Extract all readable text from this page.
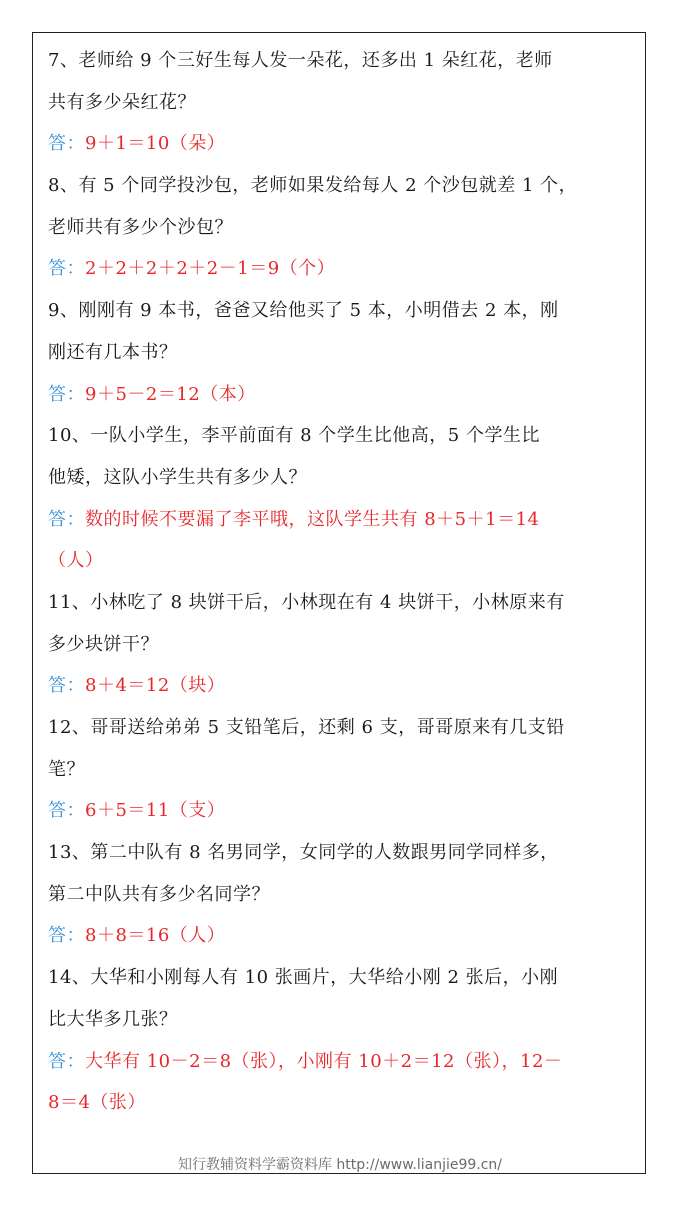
7、老师给 9 个三好生每人发一朵花，还多出 1 朵红花，老师
共有多少朵红花？
答：9＋1＝10（朵）
8、有 5 个同学投沙包，老师如果发给每人 2 个沙包就差 1 个，
老师共有多少个沙包？
答：2＋2＋2＋2＋2－1＝9（个）
9、刚刚有 9 本书，爸爸又给他买了 5 本，小明借去 2 本，刚
刚还有几本书？
答：9＋5－2＝12（本）
10、一队小学生，李平前面有 8 个学生比他高，5 个学生比
他矮，这队小学生共有多少人？
答：数的时候不要漏了李平哦，这队学生共有 8＋5＋1＝14
（人）
11、小林吃了 8 块饼干后，小林现在有 4 块饼干，小林原来有
多少块饼干？
答：8＋4＝12（块）
12、哥哥送给弟弟 5 支铅笔后，还剩 6 支，哥哥原来有几支铅
笔？
答：6＋5＝11（支）
13、第二中队有 8 名男同学，女同学的人数跟男同学同样多，
第二中队共有多少名同学？
答：8＋8＝16（人）
14、大华和小刚每人有 10 张画片，大华给小刚 2 张后，小刚
比大华多几张？
答：大华有 10－2＝8（张），小刚有 10＋2＝12（张），12－
8＝4（张）
知行教辅资料学霸资料库 http://www.lianjie99.cn/
